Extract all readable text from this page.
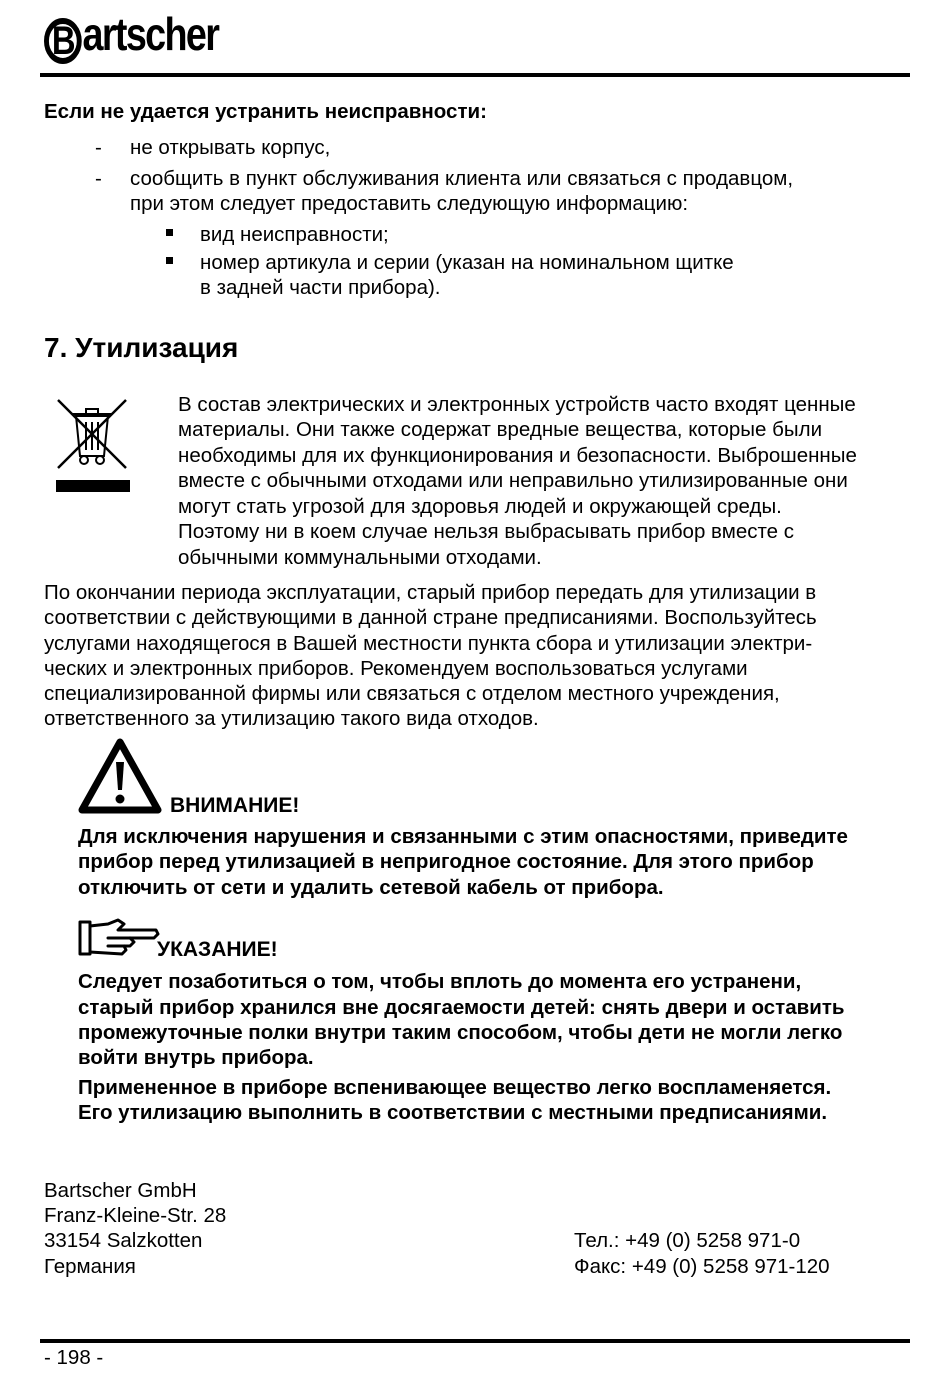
B artscher
Если не удается устранить неисправности:
- не открывать корпус,
- сообщить в пункт обслуживания клиента или связаться с продавцом,
при этом следует предоставить следующую информацию:
вид неисправности;
номер артикула и серии (указан на номинальном щитке
в задней части прибора).
7. Утилизация
В состав электрических и электронных устройств часто входят ценные
материалы. Они также содержат вредные вещества, которые были
необходимы для их функционирования и безопасности. Выброшенные
вместе с обычными отходами или неправильно утилизированные они
могут стать угрозой для здоровья людей и окружающей среды.
Поэтому ни в коем случае нельзя выбрасывать прибор вместе с
обычными коммунальными отходами.
По окончании периода эксплуатации, старый прибор передать для утилизации в
соответствии с действующими в данной стране предписаниями. Воспользуйтесь
услугами находящегося в Вашей местности пункта сбора и утилизации электри-
ческих и электронных приборов. Рекомендуем воспользоваться услугами
специализированной фирмы или связаться с отделом местного учреждения,
ответственного за утилизацию такого вида отходов.
ВНИМАНИЕ!
Для исключения нарушения и связанными с этим опасностями, приведите
прибор перед утилизацией в непригодное состояние. Для этого прибор
отключить от сети и удалить сетевой кабель от прибора.
УКАЗАНИЕ!
Следует позаботиться о том, чтобы вплоть до момента его устранени,
старый прибор хранился вне досягаемости детей: снять двери и оставить
промежуточные полки внутри таким способом, чтобы дети не могли легко
войти внутрь прибора.
Примененное в приборе вспенивающее вещество легко воспламеняется.
Его утилизацию выполнить в соответствии с местными предписаниями.
Bartscher GmbH
Franz-Kleine-Str. 28
33154 Salzkotten
Германия
Тел.: +49 (0) 5258 971-0
Факс: +49 (0) 5258 971-120
- 198 -
